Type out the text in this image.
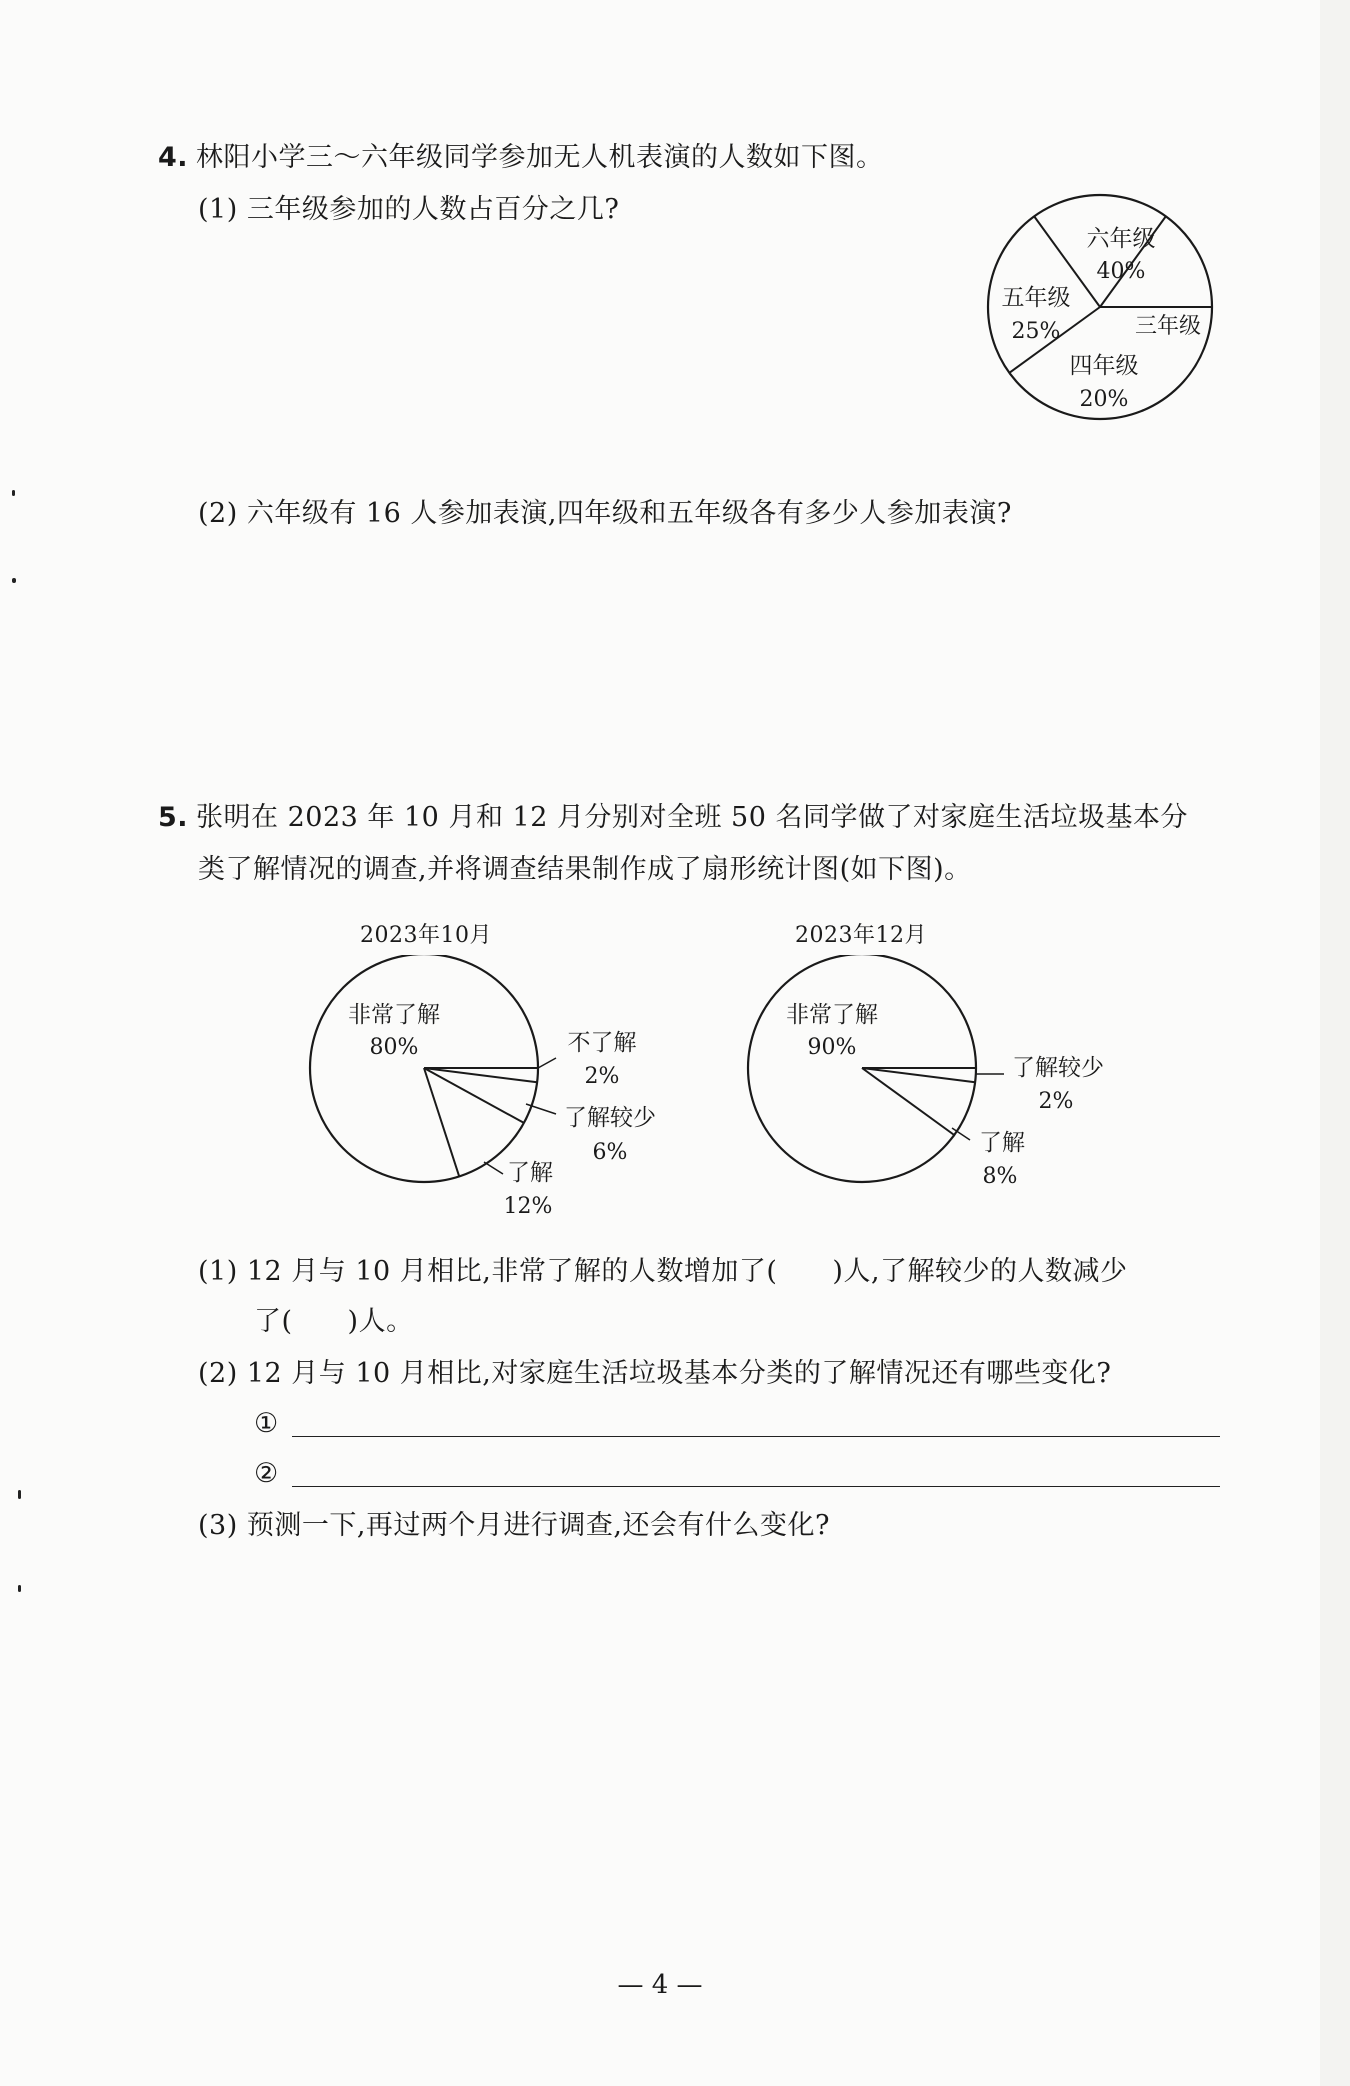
4. 林阳小学三～六年级同学参加无人机表演的人数如下图。
(1) 三年级参加的人数占百分之几?
六年级
40%
五年级
25%
四年级
20%
三年级
(2) 六年级有 16 人参加表演,四年级和五年级各有多少人参加表演?
5. 张明在 2023 年 10 月和 12 月分别对全班 50 名同学做了对家庭生活垃圾基本分
类了解情况的调查,并将调查结果制作成了扇形统计图(如下图)。
2023年10月
非常了解
80%	不了解
2%
了解较少
6%
了解
12%
2023年12月
非常了解
90%
了解较少
2%
了解
8%
(1) 12 月与 10 月相比,非常了解的人数增加了(　　)人,了解较少的人数减少
了(　　)人。
(2) 12 月与 10 月相比,对家庭生活垃圾基本分类的了解情况还有哪些变化?
①
②
(3) 预测一下,再过两个月进行调查,还会有什么变化?
— 4 —
